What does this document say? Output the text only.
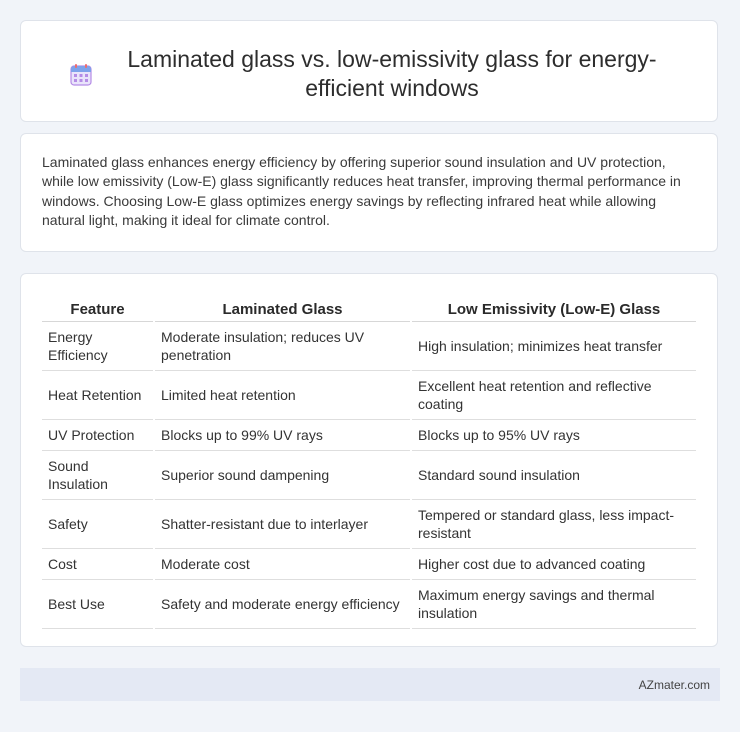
Laminated glass vs. low-emissivity glass for energy-efficient windows

Laminated glass enhances energy efficiency by offering superior sound insulation and UV protection, while low emissivity (Low-E) glass significantly reduces heat transfer, improving thermal performance in windows. Choosing Low-E glass optimizes energy savings by reflecting infrared heat while allowing natural light, making it ideal for climate control.

Feature	Laminated Glass	Low Emissivity (Low-E) Glass
Energy Efficiency	Moderate insulation; reduces UV penetration	High insulation; minimizes heat transfer
Heat Retention	Limited heat retention	Excellent heat retention and reflective coating
UV Protection	Blocks up to 99% UV rays	Blocks up to 95% UV rays
Sound Insulation	Superior sound dampening	Standard sound insulation
Safety	Shatter-resistant due to interlayer	Tempered or standard glass, less impact-resistant
Cost	Moderate cost	Higher cost due to advanced coating
Best Use	Safety and moderate energy efficiency	Maximum energy savings and thermal insulation
AZmater.com
